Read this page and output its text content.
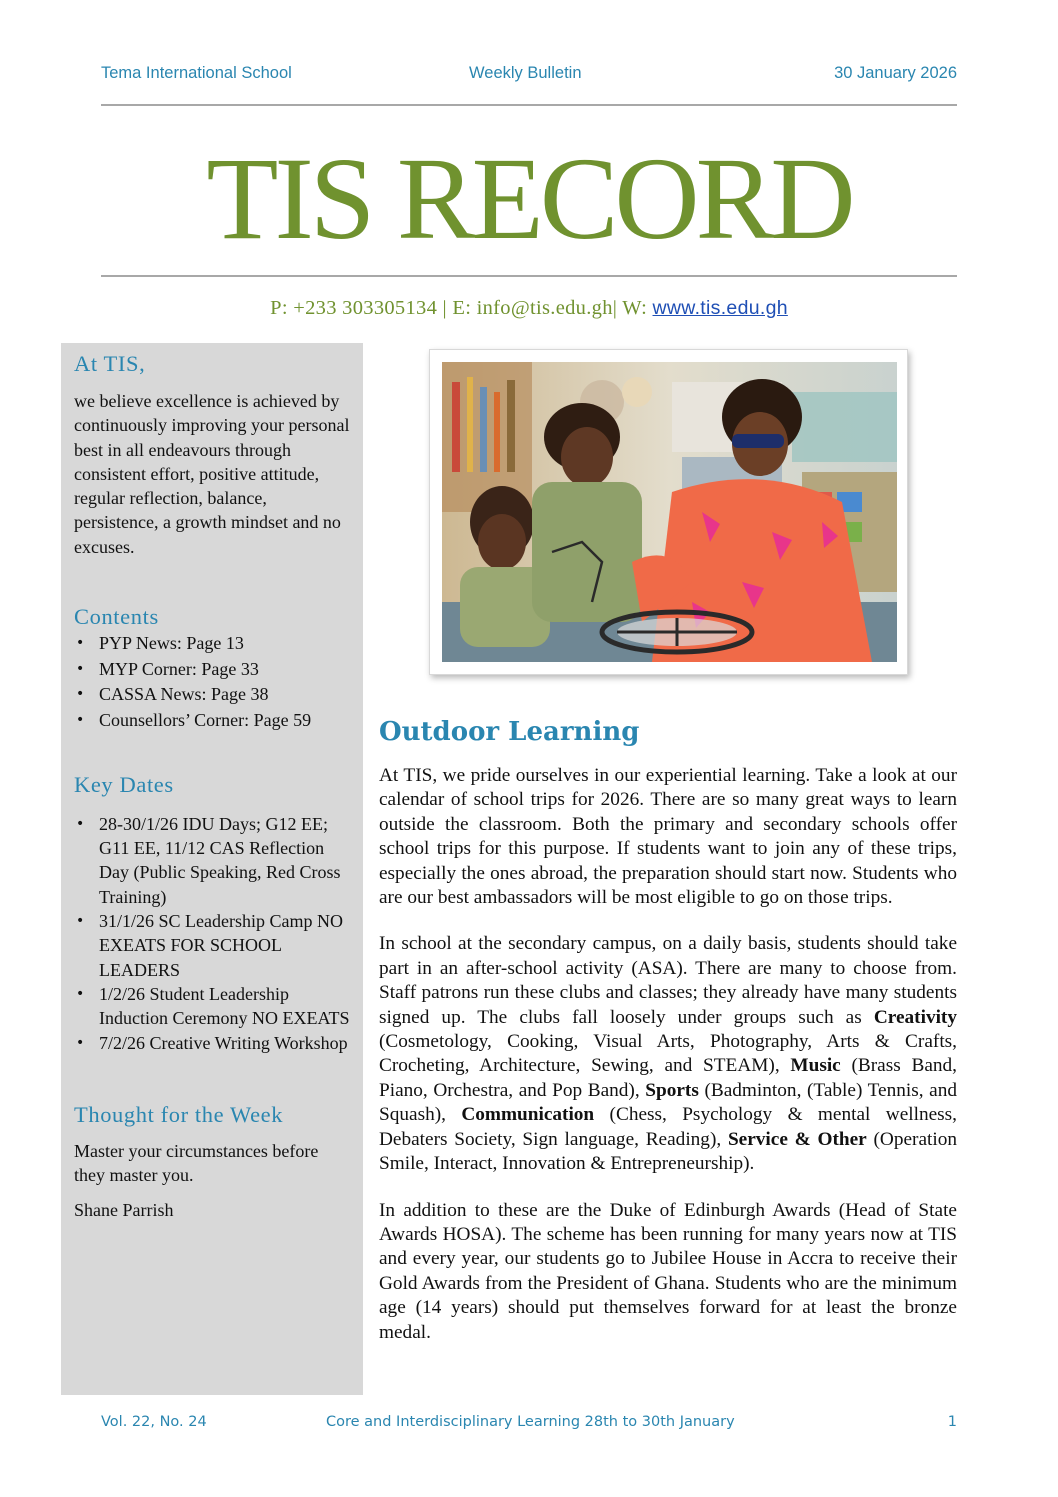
Tema International School	Weekly Bulletin	30 January 2026
TIS RECORD
P: +233 303305134 | E: info@tis.edu.gh| W: www.tis.edu.gh
At TIS,
we believe excellence is achieved by continuously improving your personal best in all endeavours through consistent effort, positive attitude, regular reflection, balance, persistence, a growth mindset and no excuses.
Contents
• PYP News: Page 13
• MYP Corner: Page 33
• CASSA News: Page 38
• Counsellors’ Corner: Page 59
Key Dates
• 28-30/1/26 IDU Days; G12 EE; G11 EE, 11/12 CAS Reflection Day (Public Speaking, Red Cross Training)
• 31/1/26 SC Leadership Camp NO EXEATS FOR SCHOOL LEADERS
• 1/2/26 Student Leadership Induction Ceremony NO EXEATS
• 7/2/26 Creative Writing Workshop
Thought for the Week
Master your circumstances before they master you.
Shane Parrish
Outdoor Learning

At TIS, we pride ourselves in our experiential learning. Take a look at our calendar of school trips for 2026. There are so many great ways to learn outside the classroom. Both the primary and secondary schools offer school trips for this purpose. If students want to join any of these trips, especially the ones abroad, the preparation should start now. Students who are our best ambassadors will be most eligible to go on those trips.

In school at the secondary campus, on a daily basis, students should take part in an after-school activity (ASA). There are many to choose from. Staff patrons run these clubs and classes; they already have many students signed up. The clubs fall loosely under groups such as Creativity (Cosmetology, Cooking, Visual Arts, Photography, Arts & Crafts, Crocheting, Architecture, Sewing, and STEAM), Music (Brass Band, Piano, Orchestra, and Pop Band), Sports (Badminton, (Table) Tennis, and Squash), Communication (Chess, Psychology & mental wellness, Debaters Society, Sign language, Reading), Service & Other (Operation Smile, Interact, Innovation & Entrepreneurship).

In addition to these are the Duke of Edinburgh Awards (Head of State Awards HOSA). The scheme has been running for many years now at TIS and every year, our students go to Jubilee House in Accra to receive their Gold Awards from the President of Ghana. Students who are the minimum age (14 years) should put themselves forward for at least the bronze medal.

Vol. 22, No. 24	Core and Interdisciplinary Learning 28th to 30th January	1
